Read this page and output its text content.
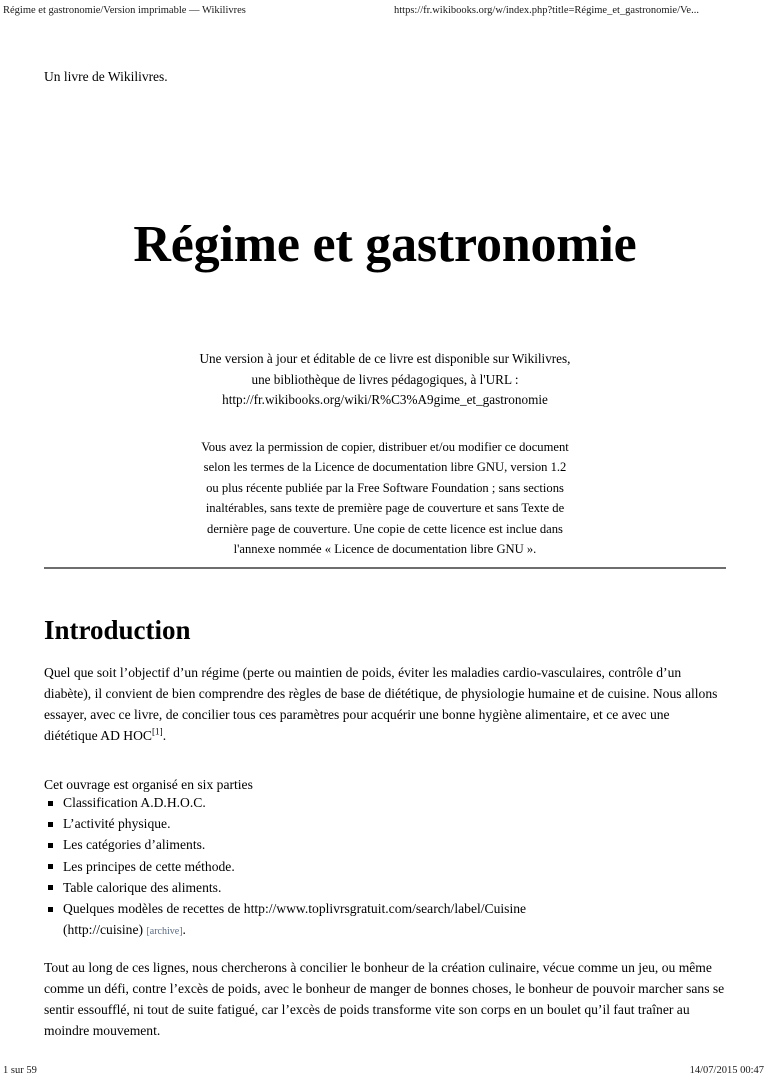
Régime et gastronomie/Version imprimable — Wikilivres	https://fr.wikibooks.org/w/index.php?title=Régime_et_gastronomie/Ve...
Un livre de Wikilivres.
Régime et gastronomie
Une version à jour et éditable de ce livre est disponible sur Wikilivres,
une bibliothèque de livres pédagogiques, à l'URL :
http://fr.wikibooks.org/wiki/R%C3%A9gime_et_gastronomie
Vous avez la permission de copier, distribuer et/ou modifier ce document
selon les termes de la Licence de documentation libre GNU, version 1.2
ou plus récente publiée par la Free Software Foundation ; sans sections
inaltérables, sans texte de première page de couverture et sans Texte de
dernière page de couverture. Une copie de cette licence est inclue dans
l'annexe nommée « Licence de documentation libre GNU ».
Introduction

Quel que soit l’objectif d’un régime (perte ou maintien de poids, éviter les maladies cardio-vasculaires, contrôle d’un diabète), il convient de bien comprendre des règles de base de diététique, de physiologie humaine et de cuisine. Nous allons essayer, avec ce livre, de concilier tous ces paramètres pour acquérir une bonne hygiène alimentaire, et ce avec une diététique AD HOC[1].

Cet ouvrage est organisé en six parties

Classification A.D.H.O.C.
L’activité physique.
Les catégories d’aliments.
Les principes de cette méthode.
Table calorique des aliments.
Quelques modèles de recettes de http://www.toplivrsgratuit.com/search/label/Cuisine
(http://cuisine) [archive].

Tout au long de ces lignes, nous chercherons à concilier le bonheur de la création culinaire, vécue comme un jeu, ou même comme un défi, contre l’excès de poids, avec le bonheur de manger de bonnes choses, le bonheur de pouvoir marcher sans se sentir essoufflé, ni tout de suite fatigué, car l’excès de poids transforme vite son corps en un boulet qu’il faut traîner au moindre mouvement.

1 sur 59	14/07/2015 00:47
